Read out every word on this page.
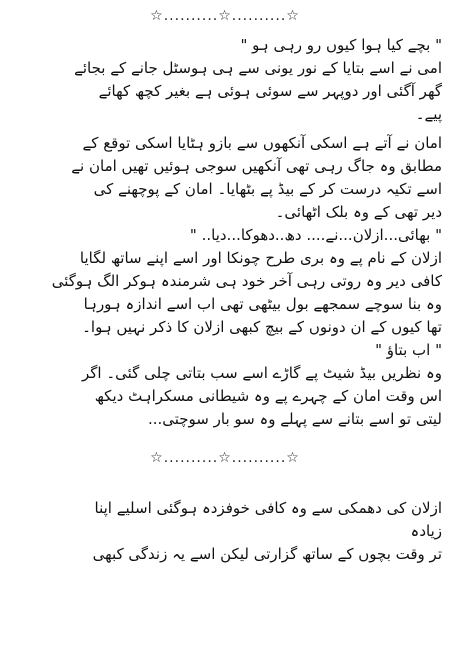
☆..........☆..........☆
" بچے کیا ہوا کیوں رو رہی ہو "
امی نے اسے بتایا کے نور یونی سے ہی ہوسٹل جانے کے بجائے
گھر آگئی اور دوپہر سے سوئی ہوئی ہے بغیر کچھ کھائے
پیے۔
امان نے آتے ہے اسکی آنکھوں سے بازو ہٹایا اسکی توقع کے
مطابق وہ جاگ رہی تھی آنکھیں سوجی ہوئیں تھیں امان نے
اسے تکیہ درست کر کے بیڈ پے بٹھایا۔ امان کے پوچھنے کی
دیر تھی کے وہ بلک اٹھائی۔
" بھائی...ازلان...نے.... دھ..دھوکا...دیا.. "
ازلان کے نام پے وہ بری طرح چونکا اور اسے اپنے ساتھ لگایا
کافی دیر وہ روتی رہی آخر خود ہی شرمندہ ہوکر الگ ہوگئی
وہ بنا سوچے سمجھے بول بیٹھی تھی اب اسے اندازہ ہورہا
تھا کیوں کے ان دونوں کے بیچ کبھی ازلان کا ذکر نہیں ہوا۔
" اب بتاؤ "
وہ نظریں بیڈ شیٹ پے گاڑے اسے سب بتاتی چلی گئی۔ اگر
اس وقت امان کے چہرے پے وہ شیطانی مسکراہٹ دیکھ
لیتی تو اسے بتانے سے پہلے وہ سو بار سوچتی...
☆..........☆..........☆
ازلان کی دھمکی سے وہ کافی خوفزدہ ہوگئی اسلیے اپنا
زیادہ
تر وقت بچوں کے ساتھ گزارتی لیکن اسے یہ زندگی کبھی
